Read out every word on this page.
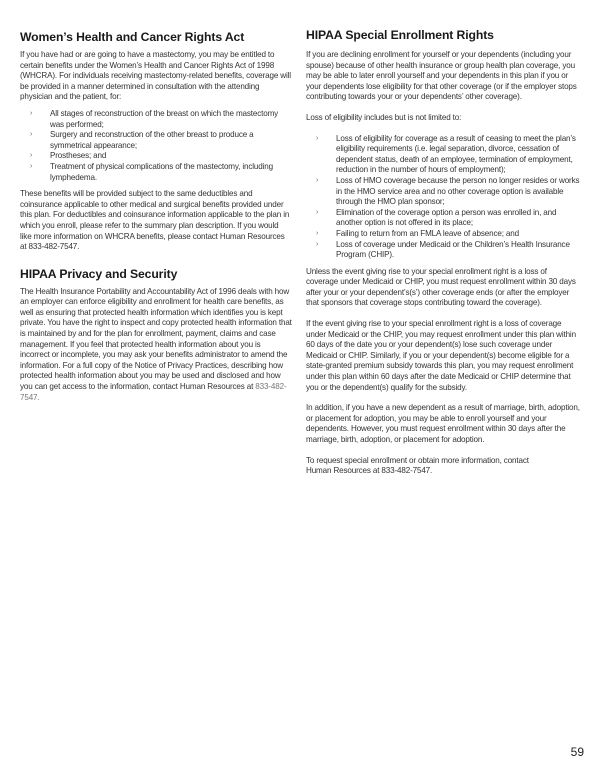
Women’s Health and Cancer Rights Act

If you have had or are going to have a mastectomy, you may be entitled to certain benefits under the Women’s Health and Cancer Rights Act of 1998 (WHCRA). For individuals receiving mastectomy-related benefits, coverage will be provided in a manner determined in consultation with the attending physician and the patient, for:

› All stages of reconstruction of the breast on which the mastectomy was performed;
› Surgery and reconstruction of the other breast to produce a symmetrical appearance;
› Prostheses; and
› Treatment of physical complications of the mastectomy, including lymphedema.

These benefits will be provided subject to the same deductibles and coinsurance applicable to other medical and surgical benefits provided under this plan. For deductibles and coinsurance information applicable to the plan in which you enroll, please refer to the summary plan description. If you would like more information on WHCRA benefits, please contact Human Resources at 833-482-7547.

HIPAA Privacy and Security

The Health Insurance Portability and Accountability Act of 1996 deals with how an employer can enforce eligibility and enrollment for health care benefits, as well as ensuring that protected health information which identifies you is kept private. You have the right to inspect and copy protected health information that is maintained by and for the plan for enrollment, payment, claims and case management. If you feel that protected health information about you is incorrect or incomplete, you may ask your benefits administrator to amend the information. For a full copy of the Notice of Privacy Practices, describing how protected health information about you may be used and disclosed and how you can get access to the information, contact Human Resources at 833-482-7547.

HIPAA Special Enrollment Rights

If you are declining enrollment for yourself or your dependents (including your spouse) because of other health insurance or group health plan coverage, you may be able to later enroll yourself and your dependents in this plan if you or your dependents lose eligibility for that other coverage (or if the employer stops contributing towards your or your dependents’ other coverage).

Loss of eligibility includes but is not limited to:

› Loss of eligibility for coverage as a result of ceasing to meet the plan’s eligibility requirements (i.e. legal separation, divorce, cessation of dependent status, death of an employee, termination of employment, reduction in the number of hours of employment);
› Loss of HMO coverage because the person no longer resides or works in the HMO service area and no other coverage option is available through the HMO plan sponsor;
› Elimination of the coverage option a person was enrolled in, and another option is not offered in its place;
› Failing to return from an FMLA leave of absence; and
› Loss of coverage under Medicaid or the Children’s Health Insurance Program (CHIP).

Unless the event giving rise to your special enrollment right is a loss of coverage under Medicaid or CHIP, you must request enrollment within 30 days after your or your dependent’s(s’) other coverage ends (or after the employer that sponsors that coverage stops contributing toward the coverage).

If the event giving rise to your special enrollment right is a loss of coverage under Medicaid or the CHIP, you may request enrollment under this plan within 60 days of the date you or your dependent(s) lose such coverage under Medicaid or CHIP. Similarly, if you or your dependent(s) become eligible for a state-granted premium subsidy towards this plan, you may request enrollment under this plan within 60 days after the date Medicaid or CHIP determine that you or the dependent(s) qualify for the subsidy.

In addition, if you have a new dependent as a result of marriage, birth, adoption, or placement for adoption, you may be able to enroll yourself and your dependents. However, you must request enrollment within 30 days after the marriage, birth, adoption, or placement for adoption.

To request special enrollment or obtain more information, contact
Human Resources at 833-482-7547.

59
